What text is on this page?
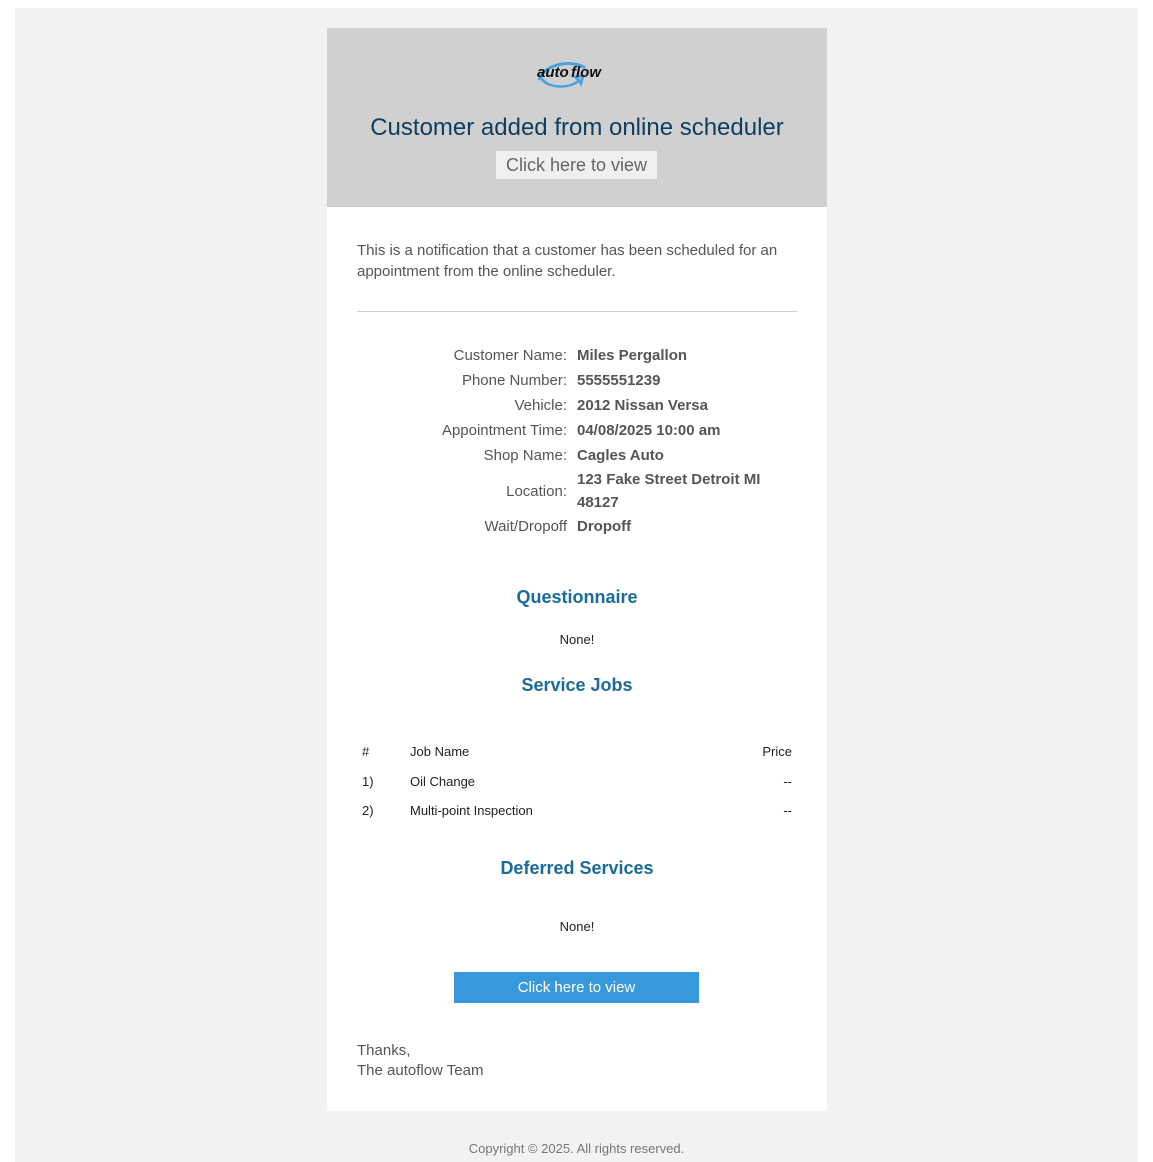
auto flow
Customer added from online scheduler
Click here to view
This is a notification that a customer has been scheduled for an appointment from the online scheduler.
Customer Name: Miles Pergallon
Phone Number: 5555551239
Vehicle: 2012 Nissan Versa
Appointment Time: 04/08/2025 10:00 am
Shop Name: Cagles Auto
Location:
123 Fake Street Detroit MI 48127
Wait/Dropoff Dropoff
Questionnaire
None!
Service Jobs
#	Job Name	Price
1)	Oil Change	--
2)	Multi-point Inspection	--
Deferred Services
None!
Click here to view
Thanks,
The autoflow Team
Copyright © 2025. All rights reserved.
